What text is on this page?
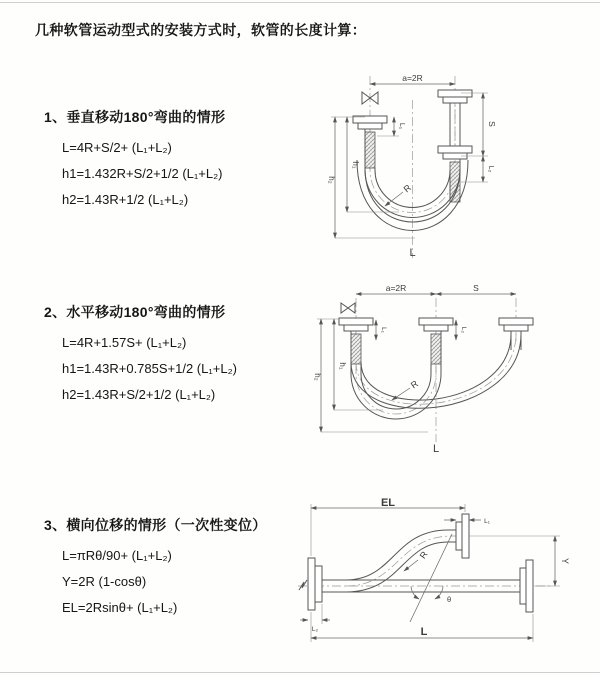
几种软管运动型式的安装方式时，软管的长度计算：
1、垂直移动180°弯曲的情形
L=4R+S/2+ (L₁+L₂)
h1=1.432R+S/2+1/2 (L₁+L₂)
h2=1.43R+1/2 (L₁+L₂)
2、水平移动180°弯曲的情形
L=4R+1.57S+ (L₁+L₂)
h1=1.43R+0.785S+1/2 (L₁+L₂)
h2=1.43R+S/2+1/2 (L₁+L₂)
3、横向位移的情形（一次性变位）
L=πRθ/90+ (L₁+L₂)
Y=2R (1-cosθ)
EL=2Rsinθ+ (L₁+L₂)
a=2R
S
L₂
L₁
h₁
h₂
R
L
a=2R	S
L₁	L₂
h₁
h₂
R
L
EL
L₁
Y
R
θ
L₂	L
